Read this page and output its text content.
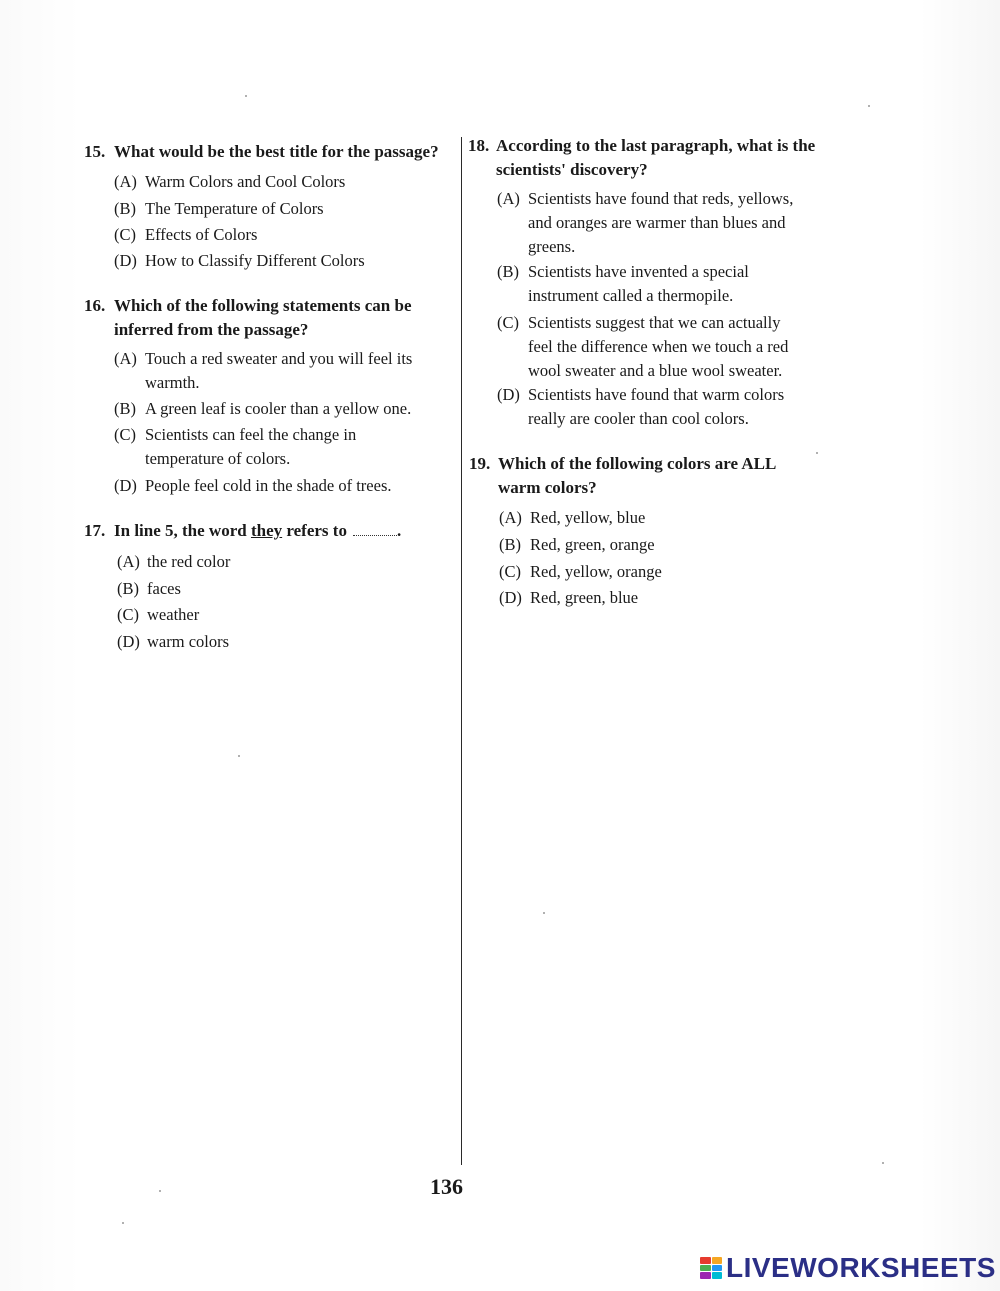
15. What would be the best title for the passage?
(A) Warm Colors and Cool Colors
(B) The Temperature of Colors
(C) Effects of Colors
(D) How to Classify Different Colors
16. Which of the following statements can be
inferred from the passage?
(A) Touch a red sweater and you will feel its
warmth.
(B) A green leaf is cooler than a yellow one.
(C) Scientists can feel the change in
temperature of colors.
(D) People feel cold in the shade of trees.
17. In line 5, the word they refers to	.
(A) the red color
(B) faces
(C) weather
(D) warm colors
18. According to the last paragraph, what is the
scientists' discovery?
(A) Scientists have found that reds, yellows,
and oranges are warmer than blues and
greens.
(B) Scientists have invented a special
instrument called a thermopile.
(C) Scientists suggest that we can actually
feel the difference when we touch a red
wool sweater and a blue wool sweater.
(D) Scientists have found that warm colors
really are cooler than cool colors.
19. Which of the following colors are ALL
warm colors?
(A) Red, yellow, blue
(B) Red, green, orange
(C) Red, yellow, orange
(D) Red, green, blue
136
LIVEWORKSHEETS
